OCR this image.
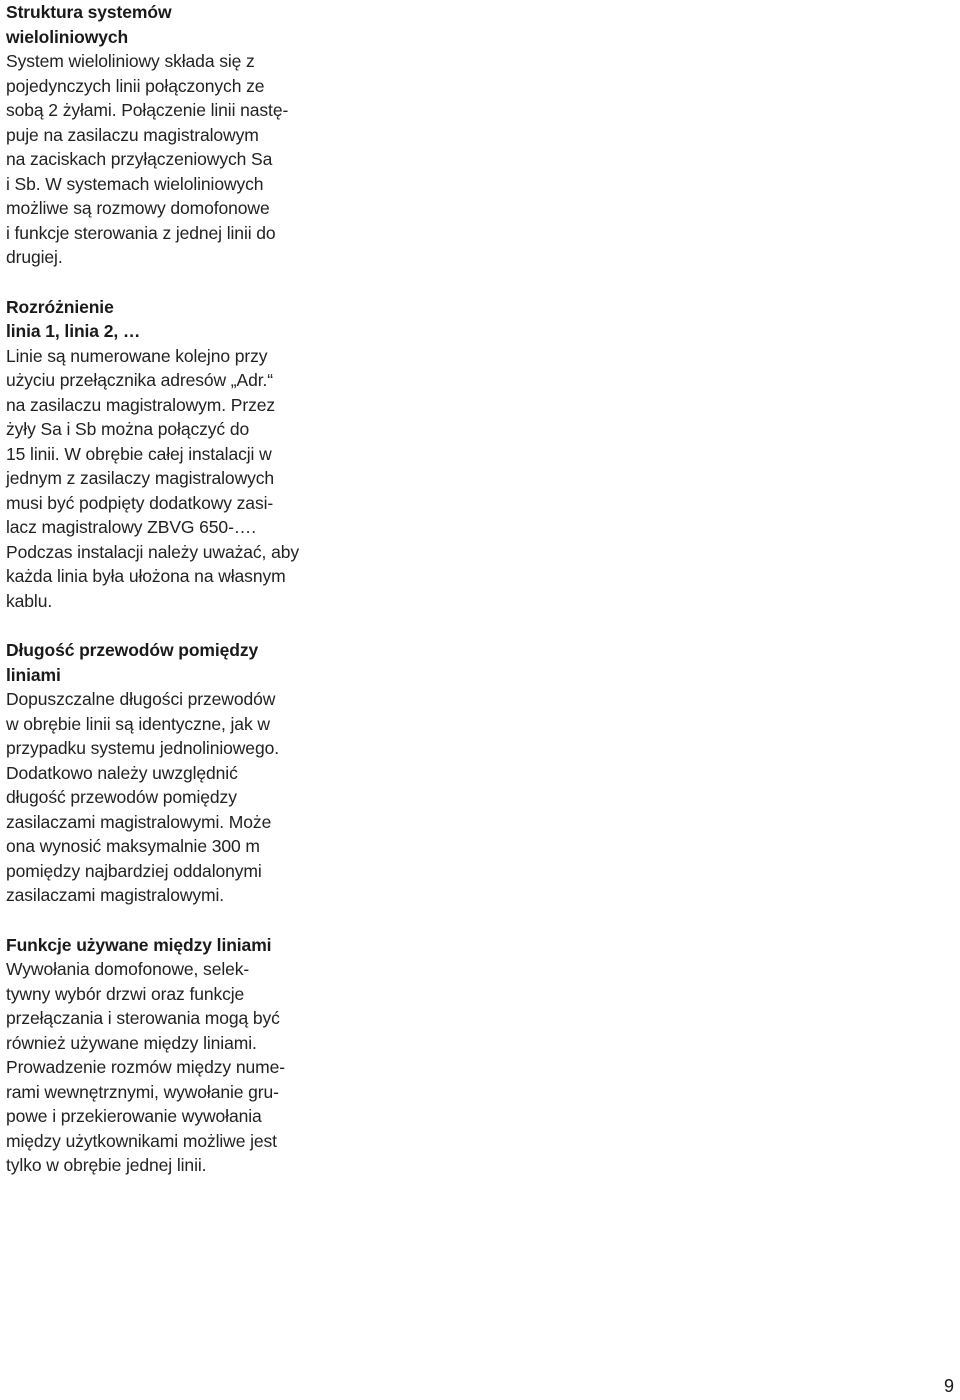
Struktura systemów
wieloliniowych
System wieloliniowy składa się z
pojedynczych linii połączonych ze
sobą 2 żyłami. Połączenie linii nastę-
puje na zasilaczu magistralowym
na zaciskach przyłączeniowych Sa
i Sb. W systemach wieloliniowych
możliwe są rozmowy domofonowe
i funkcje sterowania z jednej linii do
drugiej.
Rozróżnienie
linia 1, linia 2, …
Linie są numerowane kolejno przy
użyciu przełącznika adresów „Adr.“
na zasilaczu magistralowym. Przez
żyły Sa i Sb można połączyć do
15 linii. W obrębie całej instalacji w
jednym z zasilaczy magistralowych
musi być podpięty dodatkowy zasi-
lacz magistralowy ZBVG 650-….
Podczas instalacji należy uważać, aby
każda linia była ułożona na własnym
kablu.
Długość przewodów pomiędzy
liniami
Dopuszczalne długości przewodów
w obrębie linii są identyczne, jak w
przypadku systemu jednoliniowego.
Dodatkowo należy uwzględnić
długość przewodów pomiędzy
zasilaczami magistralowymi. Może
ona wynosić maksymalnie 300 m
pomiędzy najbardziej oddalonymi
zasilaczami magistralowymi.
Funkcje używane między liniami
Wywołania domofonowe, selek-
tywny wybór drzwi oraz funkcje
przełączania i sterowania mogą być
również używane między liniami.
Prowadzenie rozmów między nume-
rami wewnętrznymi, wywołanie gru-
powe i przekierowanie wywołania
między użytkownikami możliwe jest
tylko w obrębie jednej linii.
9
